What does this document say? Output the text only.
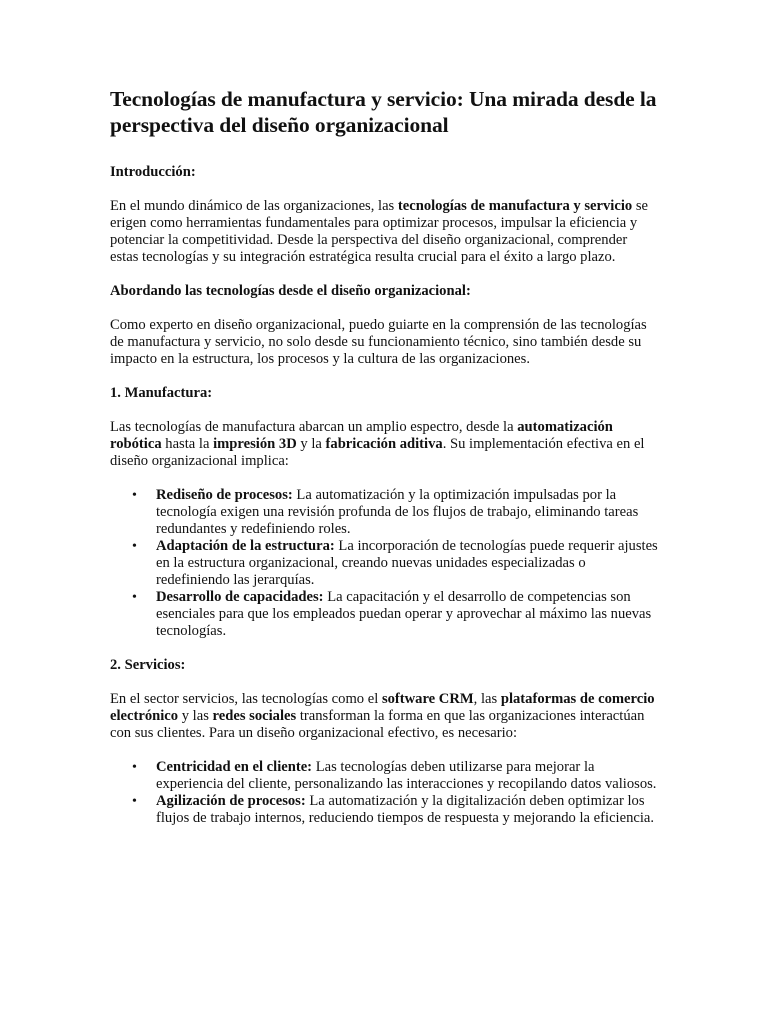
Tecnologías de manufactura y servicio: Una mirada desde la perspectiva del diseño organizacional

Introducción:

En el mundo dinámico de las organizaciones, las tecnologías de manufactura y servicio se erigen como herramientas fundamentales para optimizar procesos, impulsar la eficiencia y potenciar la competitividad. Desde la perspectiva del diseño organizacional, comprender estas tecnologías y su integración estratégica resulta crucial para el éxito a largo plazo.

Abordando las tecnologías desde el diseño organizacional:

Como experto en diseño organizacional, puedo guiarte en la comprensión de las tecnologías de manufactura y servicio, no solo desde su funcionamiento técnico, sino también desde su impacto en la estructura, los procesos y la cultura de las organizaciones.

1. Manufactura:

Las tecnologías de manufactura abarcan un amplio espectro, desde la automatización robótica hasta la impresión 3D y la fabricación aditiva. Su implementación efectiva en el diseño organizacional implica:

• Rediseño de procesos: La automatización y la optimización impulsadas por la tecnología exigen una revisión profunda de los flujos de trabajo, eliminando tareas redundantes y redefiniendo roles.
• Adaptación de la estructura: La incorporación de tecnologías puede requerir ajustes en la estructura organizacional, creando nuevas unidades especializadas o redefiniendo las jerarquías.
• Desarrollo de capacidades: La capacitación y el desarrollo de competencias son esenciales para que los empleados puedan operar y aprovechar al máximo las nuevas tecnologías.

2. Servicios:

En el sector servicios, las tecnologías como el software CRM, las plataformas de comercio electrónico y las redes sociales transforman la forma en que las organizaciones interactúan con sus clientes. Para un diseño organizacional efectivo, es necesario:

• Centricidad en el cliente: Las tecnologías deben utilizarse para mejorar la experiencia del cliente, personalizando las interacciones y recopilando datos valiosos.
• Agilización de procesos: La automatización y la digitalización deben optimizar los flujos de trabajo internos, reduciendo tiempos de respuesta y mejorando la eficiencia.
